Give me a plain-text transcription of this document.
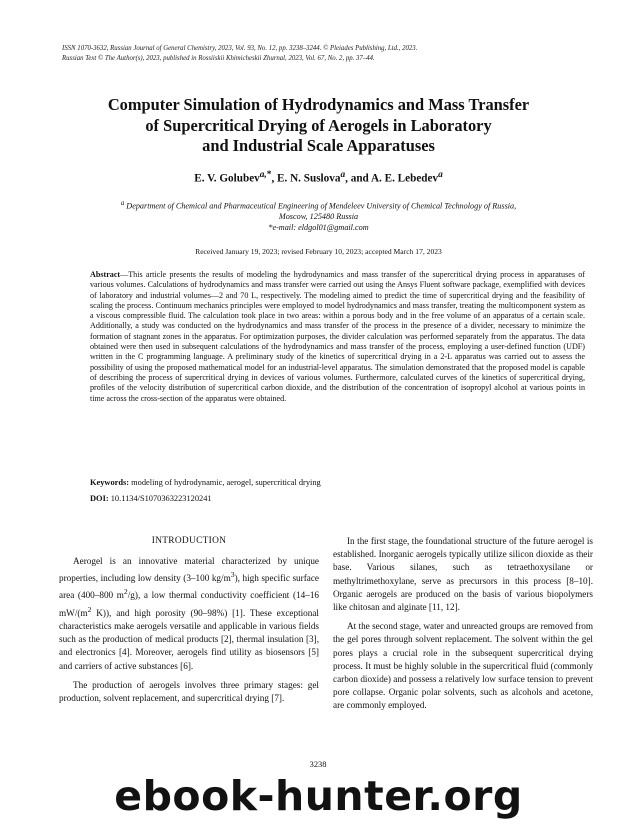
ISSN 1070-3632, Russian Journal of General Chemistry, 2023, Vol. 93, No. 12, pp. 3238–3244. © Pleiades Publishing, Ltd., 2023.
Russian Text © The Author(s), 2023, published in Rossiiskii Khimicheskii Zhurnal, 2023, Vol. 67, No. 2, pp. 37–44.
Computer Simulation of Hydrodynamics and Mass Transfer
of Supercritical Drying of Aerogels in Laboratory
and Industrial Scale Apparatuses
E. V. Golubev$^{a,*}$, E. N. Suslova$^a$, and A. E. Lebedev$^a$
$^a$ Department of Chemical and Pharmaceutical Engineering of Mendeleev University of Chemical Technology of Russia,
Moscow, 125480 Russia
*e-mail: eldgol01@gmail.com
Received January 19, 2023; revised February 10, 2023; accepted March 17, 2023
Abstract—This article presents the results of modeling the hydrodynamics and mass transfer of the supercritical drying process in apparatuses of various volumes. Calculations of hydrodynamics and mass transfer were carried out using the Ansys Fluent software package, exemplified with devices of laboratory and industrial volumes—2 and 70 L, respectively. The modeling aimed to predict the time of supercritical drying and the feasibility of scaling the process. Continuum mechanics principles were employed to model hydrodynamics and mass transfer, treating the multicomponent system as a viscous compressible fluid. The calculation took place in two areas: within a porous body and in the free volume of an apparatus of a certain scale. Additionally, a study was conducted on the hydrodynamics and mass transfer of the process in the presence of a divider, necessary to minimize the formation of stagnant zones in the apparatus. For optimization purposes, the divider calculation was performed separately from the apparatus. The data obtained were then used in subsequent calculations of the hydrodynamics and mass transfer of the process, employing a user-defined function (UDF) written in the C programming language. A preliminary study of the kinetics of supercritical drying in a 2-L apparatus was carried out to assess the possibility of using the proposed mathematical model for an industrial-level apparatus. The simulation demonstrated that the proposed model is capable of describing the process of supercritical drying in devices of various volumes. Furthermore, calculated curves of the kinetics of supercritical drying, profiles of the velocity distribution of supercritical carbon dioxide, and the distribution of the concentration of isopropyl alcohol at various points in time across the cross-section of the apparatus were obtained.
Keywords: modeling of hydrodynamic, aerogel, supercritical drying
DOI: 10.1134/S1070363223120241
INTRODUCTION

Aerogel is an innovative material characterized by unique properties, including low density (3–100 $kg/m^3$), high specific surface area (400–800 $m^2/g$), a low thermal conductivity coefficient (14–16 $mW/(m^2$ K)), and high porosity (90–98%) [1]. These exceptional characteristics make aerogels versatile and applicable in various fields such as the production of medical products [2], thermal insulation [3], and electronics [4]. Moreover, aerogels find utility as biosensors [5] and carriers of active substances [6].

The production of aerogels involves three primary stages: gel production, solvent replacement, and supercritical drying [7].

In the first stage, the foundational structure of the future aerogel is established. Inorganic aerogels typically utilize silicon dioxide as their base. Various silanes, such as tetraethoxysilane or methyltrimethoxylane, serve as precursors in this process [8–10]. Organic aerogels are produced on the basis of various biopolymers like chitosan and alginate [11, 12].

At the second stage, water and unreacted groups are removed from the gel pores through solvent replacement. The solvent within the gel pores plays a crucial role in the subsequent supercritical drying process. It must be highly soluble in the supercritical fluid (commonly carbon dioxide) and possess a relatively low surface tension to prevent pore collapse. Organic polar solvents, such as alcohols and acetone, are commonly employed.

3238
ebook-hunter.org
